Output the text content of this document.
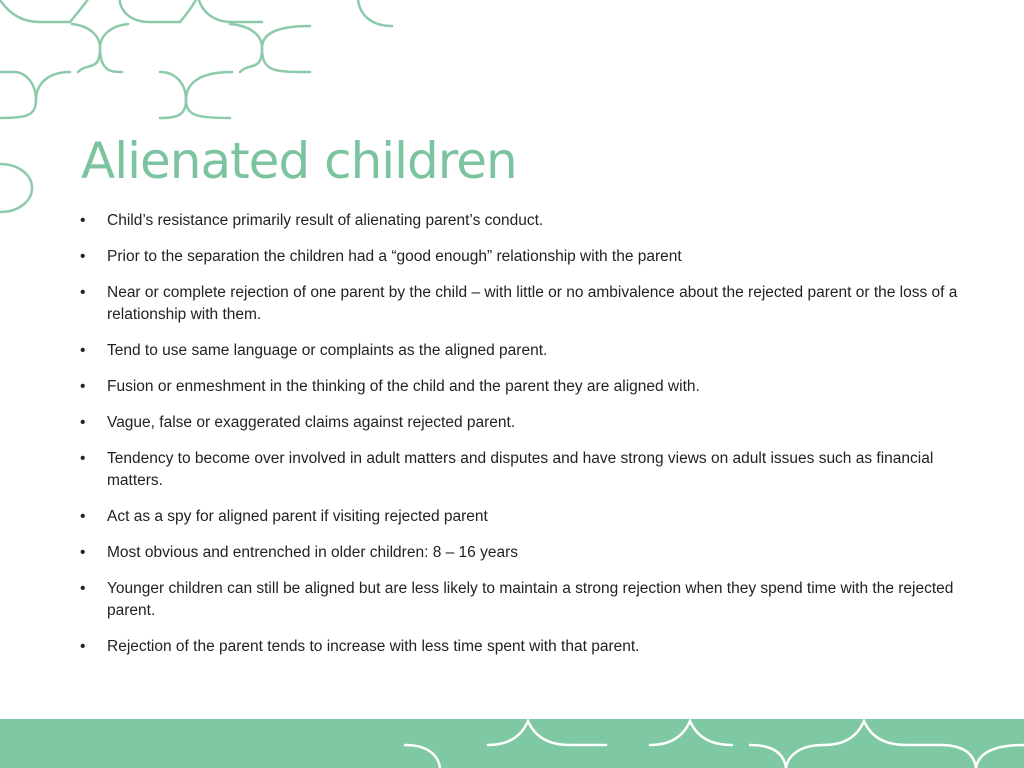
Alienated children
• Child’s resistance primarily result of alienating parent’s conduct.
• Prior to the separation the children had a “good enough” relationship with the parent
• Near or complete rejection of one parent by the child – with little or no ambivalence about the rejected parent or the loss of a relationship with them.
• Tend to use same language or complaints as the aligned parent.
• Fusion or enmeshment in the thinking of the child and the parent they are aligned with.
• Vague, false or exaggerated claims against rejected parent.
• Tendency to become over involved in adult matters and disputes and have strong views on adult issues such as financial matters.
• Act as a spy for aligned parent if visiting rejected parent
• Most obvious and entrenched in older children: 8 – 16 years
• Younger children can still be aligned but are less likely to maintain a strong rejection when they spend time with the rejected parent.
• Rejection of the parent tends to increase with less time spent with that parent.
